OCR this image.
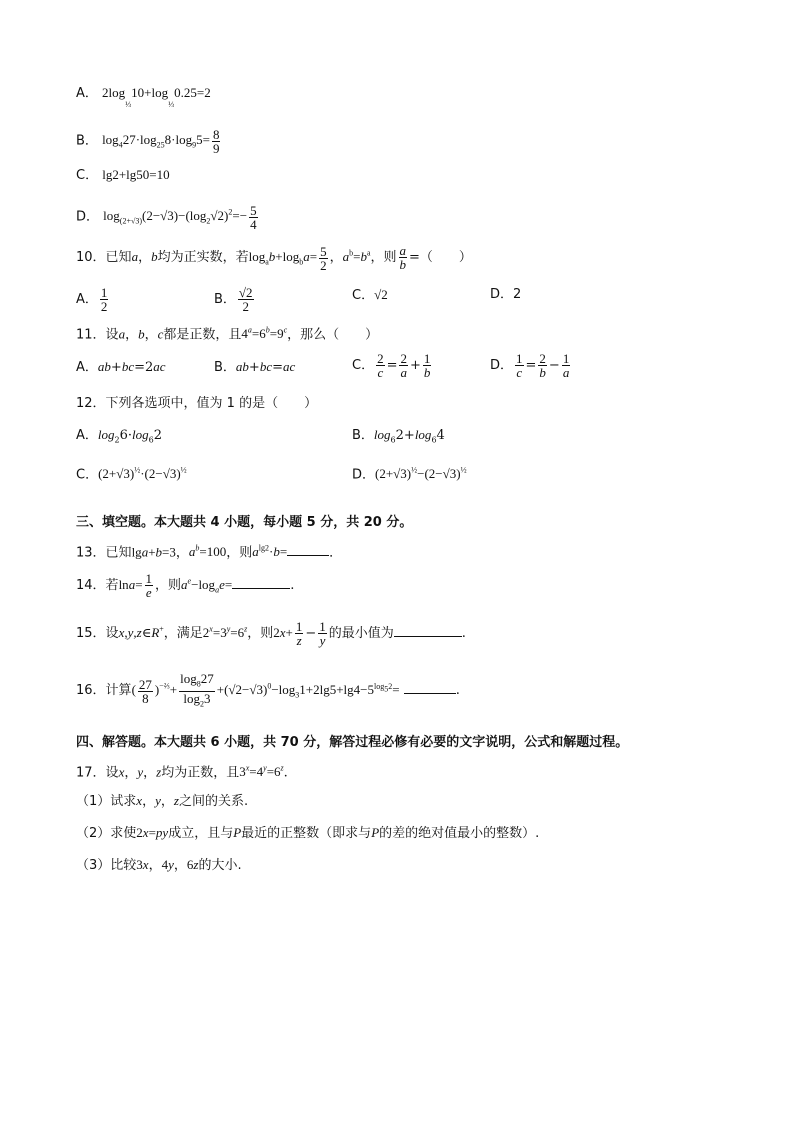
A． $2\log_{\frac{1}{3}}10+\log_{\frac{1}{3}}0.25=2$
B． $\log_427\cdot\log_{25}8\cdot\log_95= \frac{8}{9}$
C． lg2+lg50=10
D． $\log_{(2+√3)}(2-√3)-(\log_2√2)^2=- \frac{5}{4}$
10．已知a，b均为正实数，若$\log_ab+\log_ba= \frac{5}{2}$ ，$a^b=b^a$，则 $\frac{a}{b}$ =（　　）
A． $\frac{1}{2}$	B． $\frac{√2}{2}$	C．√2	D．2
11．设a，b，c都是正数，且$4^a=6^b=9^c$，那么（　　）
A．ab+bc=2ac	B．ab+bc=ac	C． $\frac{2}{c} = \frac{2}{a} + \frac{1}{b}$	D． $\frac{1}{c} = \frac{2}{b} - \frac{1}{a}$
12．下列各选项中，值为 1 的是（　　）
A．$\log_26\cdot\log_62$	B．$\log_62+\log_64$
C．$(2+√3)^{\frac{1}{2}}\cdot(2-√3)^{\frac{1}{2}}$	D．$(2+√3)^{\frac{1}{2}}-(2-√3)^{\frac{1}{2}}$
三、填空题。本大题共 4 小题，每小题 5 分，共 20 分。
13．已知lga+b=3，$a^b=100$，则$a^{lg2}\cdot b=$	．
14．若$\ln a= \frac{1}{e}$ ，则$a^e-\log_ae=$	.
15．设x,y,z∈R+，满足$2^x=3^y=6^z$，则$2x+ \frac{1}{z} - \frac{1}{y}$ 的最小值为	.
16．计算( $\frac{27}{8} )^{-\frac{2}{3}}+ \frac{\log_827}{\log_23} +(√2-√3)^0-\log_31+2\lg 5+\lg 4-5^{log_52}=$	.
四、解答题。本大题共 6 小题，共 70 分，解答过程必修有必要的文字说明，公式和解题过程。
17．设x，y，z均为正数，且$3^x=4^y=6^z$.
（1）试求x，y，z之间的关系.
（2）求使2x=py成立，且与P最近的正整数（即求与P的差的绝对值最小的整数）.
（3）比较3x，4y，6z的大小.
